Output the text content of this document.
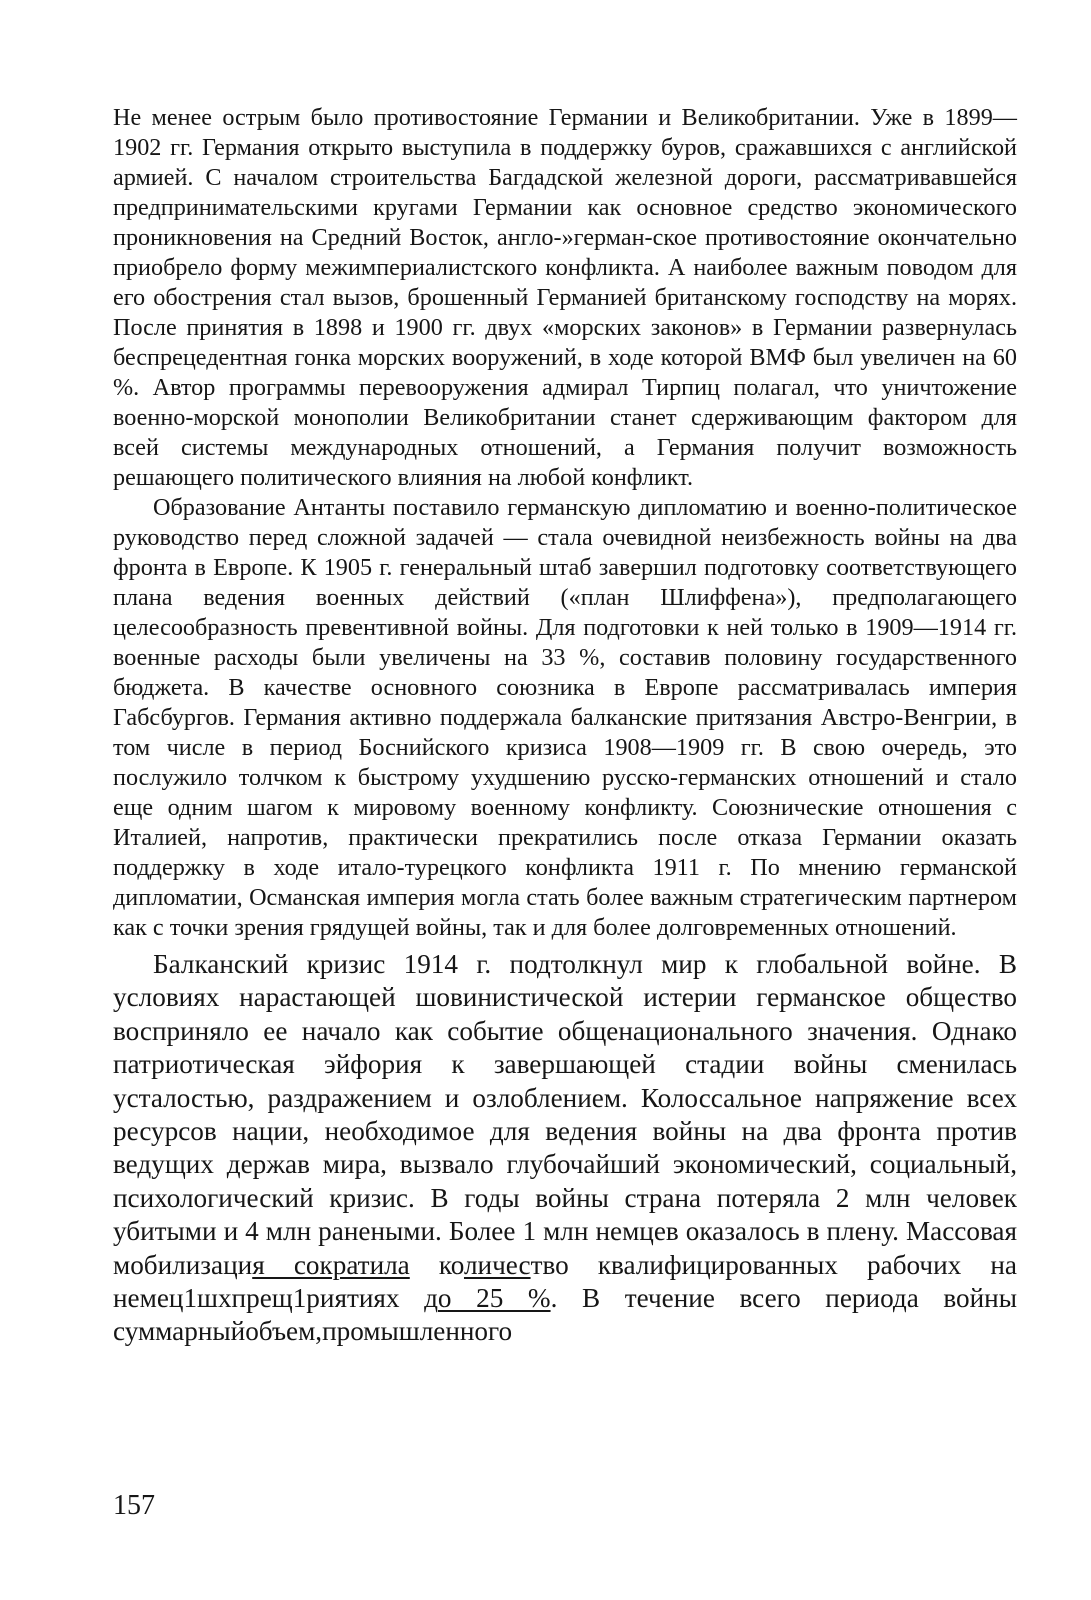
Не менее острым было противостояние Германии и Великобритании. Уже в 1899—1902 гг. Германия открыто выступила в поддержку буров, сражавшихся с английской армией. С началом строительства Багдадской железной дороги, рассматривавшейся предпринимательскими кругами Германии как основное средство экономического проникновения на Средний Восток, англо-»герман-ское противостояние окончательно приобрело форму межимпериалистского конфликта. А наиболее важным поводом для его обострения стал вызов, брошенный Германией британскому господству на морях. После принятия в 1898 и 1900 гг. двух «морских законов» в Германии развернулась беспрецедентная гонка морских вооружений, в ходе которой ВМФ был увеличен на 60 %. Автор программы перевооружения адмирал Тирпиц полагал, что уничтожение военно-морской монополии Великобритании станет сдерживающим фактором для всей системы международных отношений, а Германия получит возможность решающего политического влияния на любой конфликт.

Образование Антанты поставило германскую дипломатию и военно-политическое руководство перед сложной задачей — стала очевидной неизбежность войны на два фронта в Европе. К 1905 г. генеральный штаб завершил подготовку соответствующего плана ведения военных действий («план Шлиффена»), предполагающего целесообразность превентивной войны. Для подготовки к ней только в 1909—1914 гг. военные расходы были увеличены на 33 %, составив половину государственного бюджета. В качестве основного союзника в Европе рассматривалась империя Габсбургов. Германия активно поддержала балканские притязания Австро-Венгрии, в том числе в период Боснийского кризиса 1908—1909 гг. В свою очередь, это послужило толчком к быстрому ухудшению русско-германских отношений и стало еще одним шагом к мировому военному конфликту. Союзнические отношения с Италией, напротив, практически прекратились после отказа Германии оказать поддержку в ходе итало-турецкого конфликта 1911 г. По мнению германской дипломатии, Османская империя могла стать более важным стратегическим партнером как с точки зрения грядущей войны, так и для более долговременных отношений.

Балканский кризис 1914 г. подтолкнул мир к глобальной войне. В условиях нарастающей шовинистической истерии германское общество восприняло ее начало как событие общенационального значения. Однако патриотическая эйфория к завершающей стадии войны сменилась усталостью, раздражением и озлоблением. Колоссальное напряжение всех ресурсов нации, необходимое для ведения войны на два фронта против ведущих держав мира, вызвало глубочайший экономический, социальный, психологический кризис. В годы войны страна потеряла 2 млн человек убитыми и 4 млн ранеными. Более 1 млн немцев оказалось в плену. Массовая мобилизация сократила количество квалифицированных рабочих на немец1шхпрещ1риятиях до 25 %. В течение всего периода войны суммарныйобъем,промышленного

157
